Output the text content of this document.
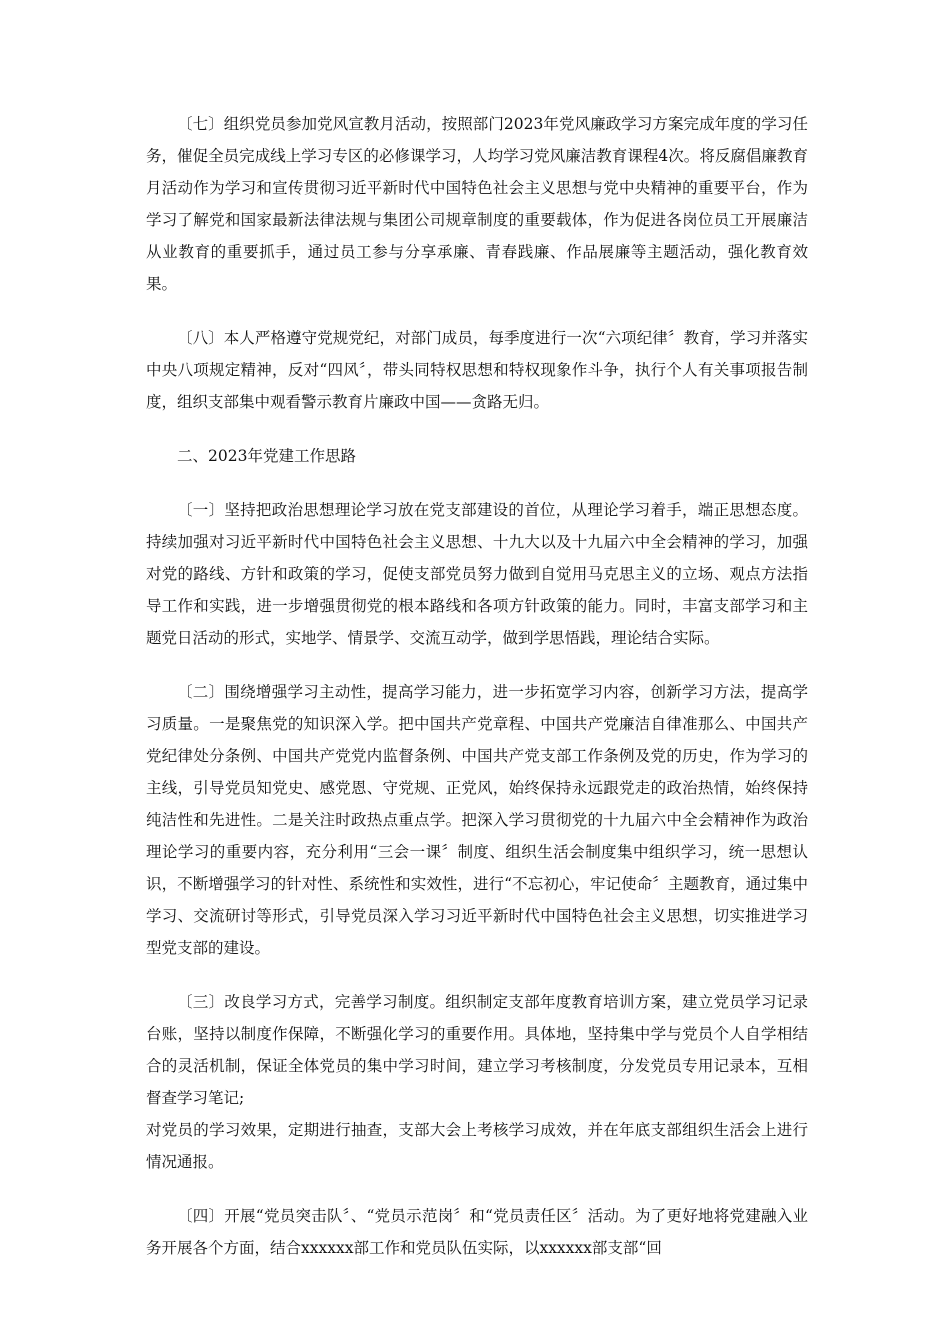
〔七〕组织党员参加党风宣教月活动，按照部门2023年党风廉政学习方案完成年度的学习任务，催促全员完成线上学习专区的必修课学习，人均学习党风廉洁教育课程4次。将反腐倡廉教育月活动作为学习和宣传贯彻习近平新时代中国特色社会主义思想与党中央精神的重要平台，作为学习了解党和国家最新法律法规与集团公司规章制度的重要载体，作为促进各岗位员工开展廉洁从业教育的重要抓手，通过员工参与分享承廉、青春践廉、作品展廉等主题活动，强化教育效果。

〔八〕本人严格遵守党规党纪，对部门成员，每季度进行一次“六项纪律〞教育，学习并落实中央八项规定精神，反对“四风〞，带头同特权思想和特权现象作斗争，执行个人有关事项报告制度，组织支部集中观看警示教育片廉政中国——贪路无归。

二、2023年党建工作思路

〔一〕坚持把政治思想理论学习放在党支部建设的首位，从理论学习着手，端正思想态度。持续加强对习近平新时代中国特色社会主义思想、十九大以及十九届六中全会精神的学习，加强对党的路线、方针和政策的学习，促使支部党员努力做到自觉用马克思主义的立场、观点方法指导工作和实践，进一步增强贯彻党的根本路线和各项方针政策的能力。同时，丰富支部学习和主题党日活动的形式，实地学、情景学、交流互动学，做到学思悟践，理论结合实际。

〔二〕围绕增强学习主动性，提高学习能力，进一步拓宽学习内容，创新学习方法，提高学习质量。一是聚焦党的知识深入学。把中国共产党章程、中国共产党廉洁自律准那么、中国共产党纪律处分条例、中国共产党党内监督条例、中国共产党支部工作条例及党的历史，作为学习的主线，引导党员知党史、感党恩、守党规、正党风，始终保持永远跟党走的政治热情，始终保持纯洁性和先进性。二是关注时政热点重点学。把深入学习贯彻党的十九届六中全会精神作为政治理论学习的重要内容，充分利用“三会一课〞制度、组织生活会制度集中组织学习，统一思想认识，不断增强学习的针对性、系统性和实效性，进行“不忘初心，牢记使命〞主题教育，通过集中学习、交流研讨等形式，引导党员深入学习习近平新时代中国特色社会主义思想，切实推进学习型党支部的建设。

〔三〕改良学习方式，完善学习制度。组织制定支部年度教育培训方案，建立党员学习记录台账，坚持以制度作保障，不断强化学习的重要作用。具体地，坚持集中学与党员个人自学相结合的灵活机制，保证全体党员的集中学习时间，建立学习考核制度，分发党员专用记录本，互相督查学习笔记;

对党员的学习效果，定期进行抽查，支部大会上考核学习成效，并在年底支部组织生活会上进行情况通报。

〔四〕开展“党员突击队〞、“党员示范岗〞和“党员责任区〞活动。为了更好地将党建融入业务开展各个方面，结合xxxxxx部工作和党员队伍实际，以xxxxxx部支部“回
